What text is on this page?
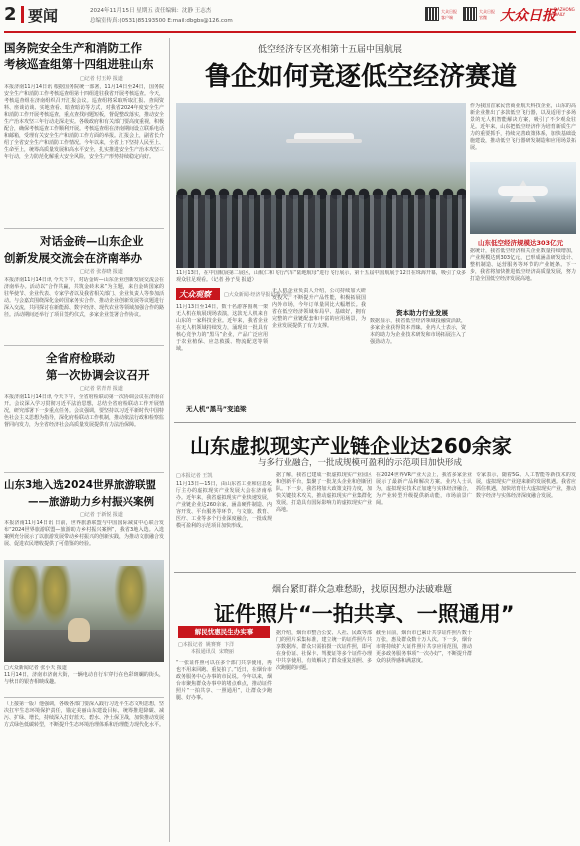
2 要闻	2024年11月15日 星期五 责任编辑：沈静 王志杰
总编室传真:(0531)85193500 E:mail:dbgbs@126.com
大众日报
客户端
大众日报
官微 大众日报
DAZHONG DAILY
国务院安全生产和消防工作
考核巡查组第十四组进驻山东
□记者 付玉婷 报道
本报济南11月14日讯 根据国务院统一部署，11月14日至24日，国务院安全生产和消防工作考核巡查组第十四组进驻我省开展考核巡查。今天，考核巡查组在济南组织召开汇报会议。巡查组将采取听取汇报、查阅资料、座谈访谈、实地查看、暗查暗访等方式，对我省2024年度安全生产和消防工作开展考核巡查，重点查找问题短板，督促整改落实，推动安全生产治本攻坚三年行动走深走实。各级政府和有关部门要高度重视，积极配合，确保考核巡查工作顺利开展。考核巡查组在济南期间设立联系电话和邮箱，受理有关安全生产和消防工作方面的举报。汇报会上，副省长介绍了全省安全生产和消防工作情况。今年以来，全省上下坚持人民至上、生命至上，统筹高质量发展和高水平安全，扎实推进安全生产治本攻坚三年行动，全力防范化解重大安全风险，安全生产形势持续稳定向好。
对话金砖—山东企业
创新发展交流会在济南举办
□记者 张春晓 报道
本报济南11月14日讯 今天下午，对话金砖—山东企业创新发展交流会在济南举办。活动以“合作共赢，共筑金砖未来”为主题，来自金砖国家的驻华使节、企业代表、专家学者以及我省相关部门、企业负责人等参加活动。与会嘉宾围绕深化金砖国家务实合作、推动企业创新发展等议题进行深入交流，共同探讨在新能源、数字经济、现代农业等领域加强合作的路径。活动期间还举行了项目签约仪式，多家企业签署合作协议。
全省府检联动
第一次协调会议召开
□记者 常青青 报道
本报济南11月14日讯 今天下午，全省府检联动第一次协调会议在济南召开。会议深入学习贯彻习近平法治思想，总结全省府检联动工作开展情况，研究部署下一步重点任务。会议强调，要坚持以习近平新时代中国特色社会主义思想为指导，深化府检联动工作机制，推动依法行政和检察监督同向发力，为全省经济社会高质量发展提供有力法治保障。
山东3地入选2024世界旅游联盟
——旅游助力乡村振兴案例
□记者 于新悦 报道
本报济南11月14日讯 日前，世界旅游联盟与中国国际减贫中心联合发布“2024世界旅游联盟—旅游助力乡村振兴案例”，我省3地入选。入选案例充分展示了以旅游发展带动乡村振兴的创新实践，为推动文旅融合发展、促进农民增收提供了可借鉴的经验。
□大众新闻记者 张小天 报道
11月14日，济南市济南大街，一辆电动自行车穿行在色彩斑斓的街头，与秋日的银杏相映成趣。
（上接第一版）他强调，各级各部门要深入践行习近平生态文明思想，坚决扛牢生态环境保护责任，锚定美丽山东建设目标，统筹推进降碳、减污、扩绿、增长，持续深入打好蓝天、碧水、净土保卫战，加快推动发展方式绿色低碳转型，不断提升生态环境治理体系和治理能力现代化水平。
低空经济专区亮相第十五届中国航展
鲁企如何竞逐低空经济赛道
11月13日，在中国航展第二展区，山航仁和飞行汽车“陆地航母”进行飞行展示，第十五届中国航展于12日在珠海开幕，吸引了众多观众驻足观看。（记者 孙子旻 报道）
作为我国首家民营商业航天科技企业，山东的高新企业推出了多款低空飞行器，以及适用于多场景的无人机智能解决方案，吸引了不少观众驻足。近年来，山东把低空经济作为培育新质生产力的重要抓手，持续完善政策体系，加快基础设施建设，推动低空飞行器研发制造和应用场景拓展。
山东低空经济规模达303亿元
据统计，我省低空经济相关企业数量持续增加，产业规模达到303亿元，已形成涵盖研发设计、整机制造、运营服务等环节的产业链条。下一步，我省将加快推进低空经济高质量发展，努力打造全国低空经济发展高地。
大众观察	□大众新闻·经济导报记者 高洁
11月13日至14日，数十名游客围观一架无人机在航展现场表演，这款无人机来自山东的一家科技企业。近年来，我省企业在无人机领域持续发力，涌现出一批具有核心竞争力的“黑马”企业，产品广泛应用于农业植保、应急救援、物流配送等领域。
无人机“黑马”变追梁
无人机企业负责人介绍，公司持续加大研发投入，不断提升产品性能，积极拓展国内外市场，今年订单量同比大幅增长。我省在低空经济领域布局早、基础好，拥有完整的产业链配套和丰富的应用场景，为企业发展提供了有力支撑。
资本助力行业发展
数据显示，我省低空经济领域投融资活跃，多家企业获得资本青睐。业内人士表示，资本的助力为企业技术研发和市场拓展注入了强劲动力。
山东虚拟现实产业链企业达260余家
与多行业融合，一批成规模可盈利的示范项目加快形成
□本报记者 王凯
11月13日—15日，由山东省工业和信息化厅主办的虚拟现实产业发展大会在济南举办。近年来，我省虚拟现实产业快速发展，产业链企业达260余家，涵盖硬件制造、内容开发、平台服务等环节，与文旅、教育、医疗、工业等多个行业深度融合，一批成规模可盈利的示范项目加快形成。
据了解，我省已建成一批虚拟现实产业园区和创新平台，集聚了一批龙头企业和创新团队。下一步，我省将加大政策支持力度，加快关键技术攻关，推动虚拟现实产业集群化发展，打造具有国际影响力的虚拟现实产业高地。
在2024世界VR产业大会上，我省多家企业展示了最新产品和解决方案。业内人士认为，虚拟现实技术正加速与实体经济融合，为产业转型升级提供新动能，市场前景广阔。
专家表示，随着5G、人工智能等新技术的发展，虚拟现实产业迎来新的发展机遇。我省应抓住机遇，加快培育壮大虚拟现实产业，推动数字经济与实体经济深度融合发展。
烟台紧盯群众急难愁盼，找原因想办法破难题
证件照片“一拍共享、一照通用”
解民忧惠民生办实事
□本报记者  姚赛赛  卞洋
本报通讯员  宋晓丽
“一张证件照可以在多个部门共享使用，再也不用来回跑、重复拍了。”近日，在烟台市政务服务中心办事的市民说。今年以来，烟台市聚焦群众办事中的堵点难点，推动证件照片“一拍共享、一照通用”，让群众少跑腿、好办事。
据介绍，烟台市整合公安、人社、民政等部门的照片采集标准，建立统一的证件照片共享数据库，群众只需拍摄一次证件照，即可在身份证、社保卡、驾驶证等多个证件办理中共享使用，有效解决了群众重复拍照、多次跑腿的问题。
截至目前，烟台市已累计共享证件照片数十万张，惠及群众数十万人次。下一步，烟台市将持续扩大证件照片共享应用范围，推动更多政务服务事项“一次办好”，不断提升群众的获得感和满意度。
